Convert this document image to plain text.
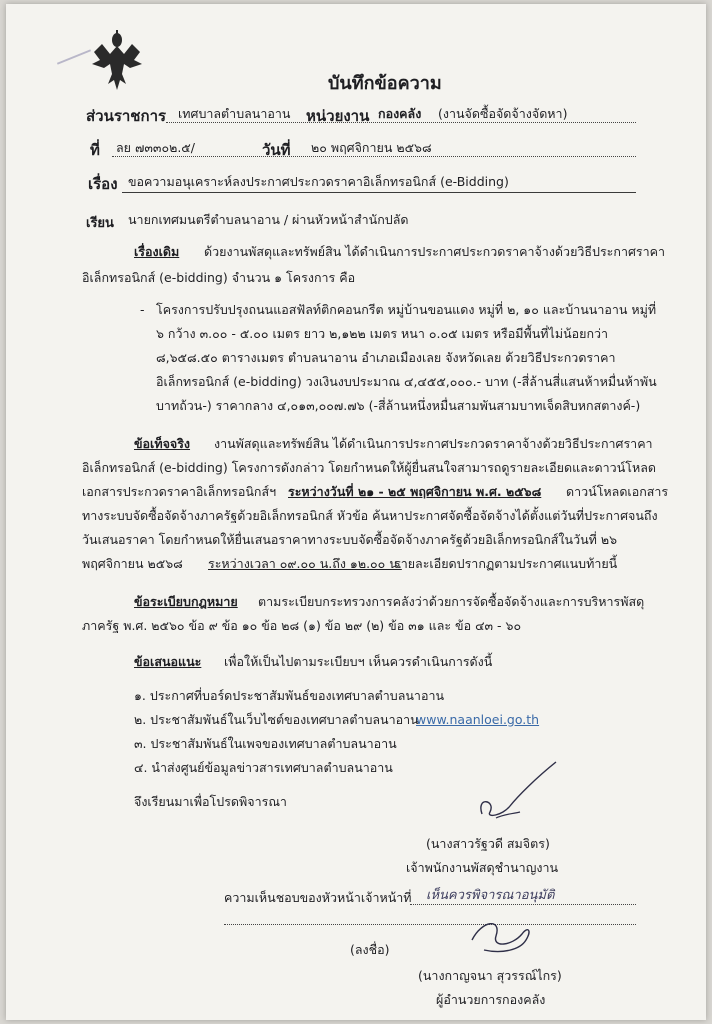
บันทึกข้อความ
ส่วนราชการ เทศบาลตำบลนาอาน หน่วยงาน กองคลัง (งานจัดซื้อจัดจ้างจัดหา)
ที่ ลย ๗๓๓๐๒.๕/	วันที่ ๒๐ พฤศจิกายน ๒๕๖๘
เรื่อง ขอความอนุเคราะห์ลงประกาศประกวดราคาอิเล็กทรอนิกส์ (e-Bidding)
เรียน นายกเทศมนตรีตำบลนาอาน / ผ่านหัวหน้าสำนักปลัด
เรื่องเดิม ด้วยงานพัสดุและทรัพย์สิน ได้ดำเนินการประกาศประกวดราคาจ้างด้วยวิธีประกาศราคา
อิเล็กทรอนิกส์ (e-bidding) จำนวน ๑ โครงการ คือ
- โครงการปรับปรุงถนนแอสฟัลท์ติกคอนกรีต หมู่บ้านขอนแดง หมู่ที่ ๒, ๑๐ และบ้านนาอาน หมู่ที่
๖ กว้าง ๓.๐๐ - ๕.๐๐ เมตร ยาว ๒,๑๒๒ เมตร หนา ๐.๐๕ เมตร หรือมีพื้นที่ไม่น้อยกว่า
๘,๖๕๘.๕๐ ตารางเมตร ตำบลนาอาน อำเภอเมืองเลย จังหวัดเลย ด้วยวิธีประกวดราคา
อิเล็กทรอนิกส์ (e-bidding) วงเงินงบประมาณ ๔,๔๕๕,๐๐๐.- บาท (-สี่ล้านสี่แสนห้าหมื่นห้าพัน
บาทถ้วน-) ราคากลาง ๔,๐๑๓,๐๐๗.๗๖ (-สี่ล้านหนึ่งหมื่นสามพันสามบาทเจ็ดสิบหกสตางค์-)
ข้อเท็จจริง งานพัสดุและทรัพย์สิน ได้ดำเนินการประกาศประกวดราคาจ้างด้วยวิธีประกาศราคา
อิเล็กทรอนิกส์ (e-bidding) โครงการดังกล่าว โดยกำหนดให้ผู้ยื่นสนใจสามารถดูรายละเอียดและดาวน์โหลด
เอกสารประกวดราคาอิเล็กทรอนิกส์ฯ ระหว่างวันที่ ๒๑ - ๒๕ พฤศจิกายน พ.ศ. ๒๕๖๘ ดาวน์โหลดเอกสาร
ทางระบบจัดซื้อจัดจ้างภาครัฐด้วยอิเล็กทรอนิกส์ หัวข้อ ค้นหาประกาศจัดซื้อจัดจ้างได้ตั้งแต่วันที่ประกาศจนถึง
วันเสนอราคา โดยกำหนดให้ยื่นเสนอราคาทางระบบจัดซื้อจัดจ้างภาครัฐด้วยอิเล็กทรอนิกส์ในวันที่ ๒๖
พฤศจิกายน ๒๕๖๘ ระหว่างเวลา ๐๙.๐๐ น.ถึง ๑๒.๐๐ น.
รายละเอียดปรากฏตามประกาศแนบท้ายนี้
ข้อระเบียบกฎหมาย ตามระเบียบกระทรวงการคลังว่าด้วยการจัดซื้อจัดจ้างและการบริหารพัสดุ
ภาครัฐ พ.ศ. ๒๕๖๐ ข้อ ๙ ข้อ ๑๐ ข้อ ๒๘ (๑) ข้อ ๒๙ (๒) ข้อ ๓๑ และ ข้อ ๔๓ - ๖๐
ข้อเสนอแนะ เพื่อให้เป็นไปตามระเบียบฯ เห็นควรดำเนินการดังนี้
๑. ประกาศที่บอร์ดประชาสัมพันธ์ของเทศบาลตำบลนาอาน
๒. ประชาสัมพันธ์ในเว็บไซต์ของเทศบาลตำบลนาอาน
www.naanloei.go.th
๓. ประชาสัมพันธ์ในเพจของเทศบาลตำบลนาอาน
๔. นำส่งศูนย์ข้อมูลข่าวสารเทศบาลตำบลนาอาน
จึงเรียนมาเพื่อโปรดพิจารณา
(นางสาวรัฐวดี สมจิตร)
เจ้าพนักงานพัสดุชำนาญงาน
ความเห็นชอบของหัวหน้าเจ้าหน้าที่ เห็นควรพิจารณาอนุมัติ
(ลงชื่อ)
(นางกาญจนา สุวรรณ์ไกร)
ผู้อำนวยการกองคลัง
